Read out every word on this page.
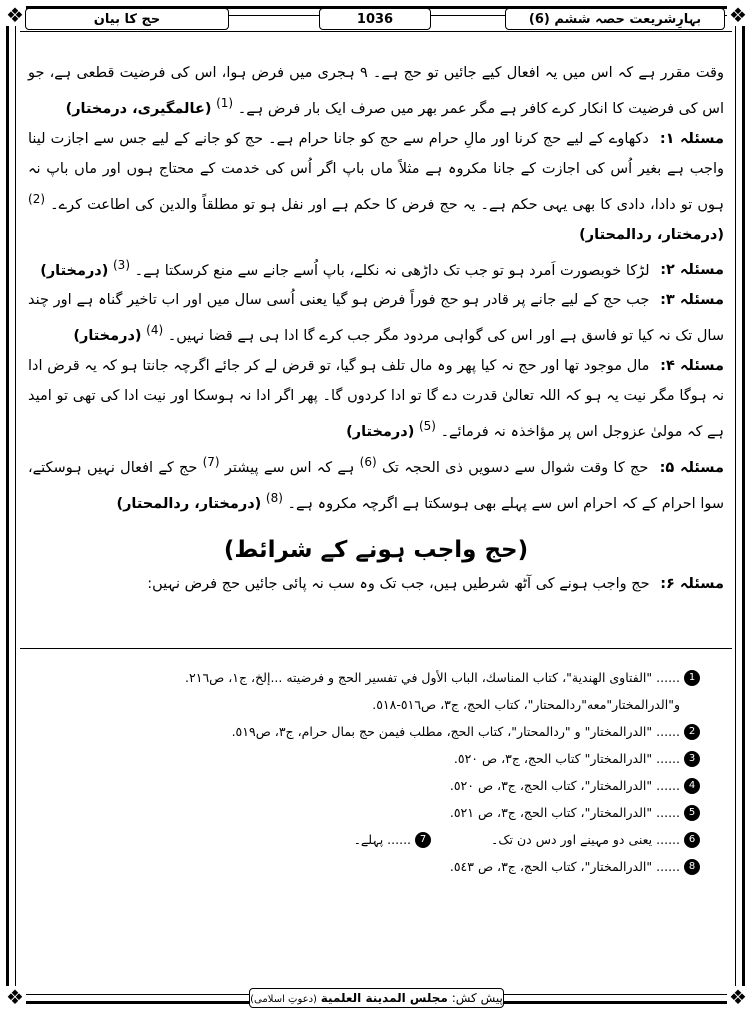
❖	❖
❖	❖
بہارِشریعت حصہ ششم (6)
1036
حج کا بیان

وقت مقرر ہے کہ اس میں یہ افعال کیے جائیں تو حج ہے۔ ۹ ہجری میں فرض ہوا، اس کی فرضیت قطعی ہے، جو اس کی فرضیت کا انکار کرے کافر ہے مگر عمر بھر میں صرف ایک بار فرض ہے۔ $^{(1)}$ (عالمگیری، درمختار)

مسئلہ ۱: دکھاوے کے لیے حج کرنا اور مالِ حرام سے حج کو جانا حرام ہے۔ حج کو جانے کے لیے جس سے اجازت لینا واجب ہے بغیر اُس کی اجازت کے جانا مکروہ ہے مثلاً ماں باپ اگر اُس کی خدمت کے محتاج ہوں اور ماں باپ نہ ہوں تو دادا، دادی کا بھی یہی حکم ہے۔ یہ حج فرض کا حکم ہے اور نفل ہو تو مطلقاً والدین کی اطاعت کرے۔ $^{(2)}$ (درمختار، ردالمحتار)

مسئلہ ۲: لڑکا خوبصورت اَمرد ہو تو جب تک داڑھی نہ نکلے، باپ اُسے جانے سے منع کرسکتا ہے۔ $^{(3)}$ (درمختار)

مسئلہ ۳: جب حج کے لیے جانے پر قادر ہو حج فوراً فرض ہو گیا یعنی اُسی سال میں اور اب تاخیر گناہ ہے اور چند سال تک نہ کیا تو فاسق ہے اور اس کی گواہی مردود مگر جب کرے گا ادا ہی ہے قضا نہیں۔ $^{(4)}$ (درمختار)

مسئلہ ۴: مال موجود تھا اور حج نہ کیا پھر وہ مال تلف ہو گیا، تو قرض لے کر جائے اگرچہ جانتا ہو کہ یہ قرض ادا نہ ہوگا مگر نیت یہ ہو کہ اللہ تعالیٰ قدرت دے گا تو ادا کردوں گا۔ پھر اگر ادا نہ ہوسکا اور نیت ادا کی تھی تو امید ہے کہ مولیٰ عزوجل اس پر مؤاخذہ نہ فرمائے۔ $^{(5)}$ (درمختار)

مسئلہ ۵: حج کا وقت شوال سے دسویں ذی الحجہ تک $^{(6)}$ ہے کہ اس سے پیشتر $^{(7)}$ حج کے افعال نہیں ہوسکتے، سوا احرام کے کہ احرام اس سے پہلے بھی ہوسکتا ہے اگرچہ مکروہ ہے۔ $^{(8)}$ (درمختار، ردالمحتار)

(حج واجب ہونے کے شرائط)

مسئلہ ۶: حج واجب ہونے کی آٹھ شرطیں ہیں، جب تک وہ سب نہ پائی جائیں حج فرض نہیں:

1
......
"الفتاوی الهندية"، كتاب المناسك، الباب الأول في تفسير الحج و فرضيته ...إلخ، ج١، ص٢١٦.
و"الدرالمختار"معه"ردالمحتار"، كتاب الحج، ج٣، ص٥١٦-٥١٨.
2
......
"الدرالمختار" و "ردالمحتار"، كتاب الحج، مطلب فيمن حج بمال حرام، ج٣، ص٥١٩.
3
......
"الدرالمختار" كتاب الحج، ج٣، ص ٥٢٠.
4
......
"الدرالمختار"، كتاب الحج، ج٣، ص ٥٢٠.
5
......
"الدرالمختار"، كتاب الحج، ج٣، ص ٥٢١.
6
......
یعنی دو مہینے اور دس دن تک۔
7
......
پہلے۔
8
......
"الدرالمختار"، كتاب الحج، ج٣، ص ٥٤٣.
پیش کش: مجلس المدينة العلمية (دعوتِ اسلامی)
